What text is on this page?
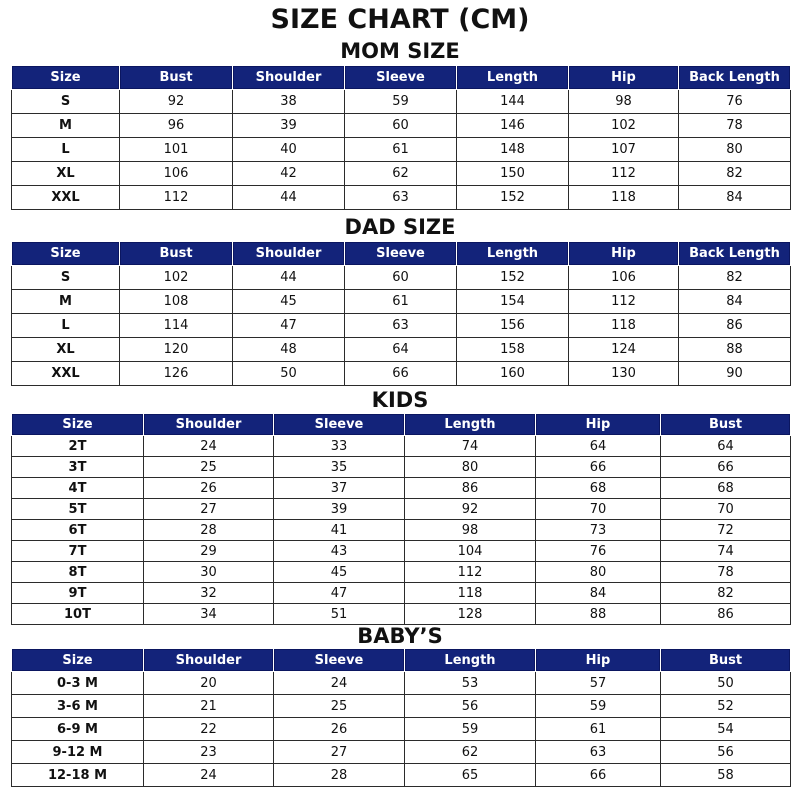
SIZE CHART (CM)
MOM SIZE
Size	Bust	Shoulder	Sleeve	Length	Hip	Back Length
S	92	38	59	144	98	76
M	96	39	60	146	102	78
L	101	40	61	148	107	80
XL	106	42	62	150	112	82
XXL	112	44	63	152	118	84
DAD SIZE
Size	Bust	Shoulder	Sleeve	Length	Hip	Back Length
S	102	44	60	152	106	82
M	108	45	61	154	112	84
L	114	47	63	156	118	86
XL	120	48	64	158	124	88
XXL	126	50	66	160	130	90
KIDS
Size	Shoulder	Sleeve	Length	Hip	Bust
2T	24	33	74	64	64
3T	25	35	80	66	66
4T	26	37	86	68	68
5T	27	39	92	70	70
6T	28	41	98	73	72
7T	29	43	104	76	74
8T	30	45	112	80	78
9T	32	47	118	84	82
10T	34	51	128	88	86
BABY’S
Size	Shoulder	Sleeve	Length	Hip	Bust
0-3 M	20	24	53	57	50
3-6 M	21	25	56	59	52
6-9 M	22	26	59	61	54
9-12 M	23	27	62	63	56
12-18 M	24	28	65	66	58
